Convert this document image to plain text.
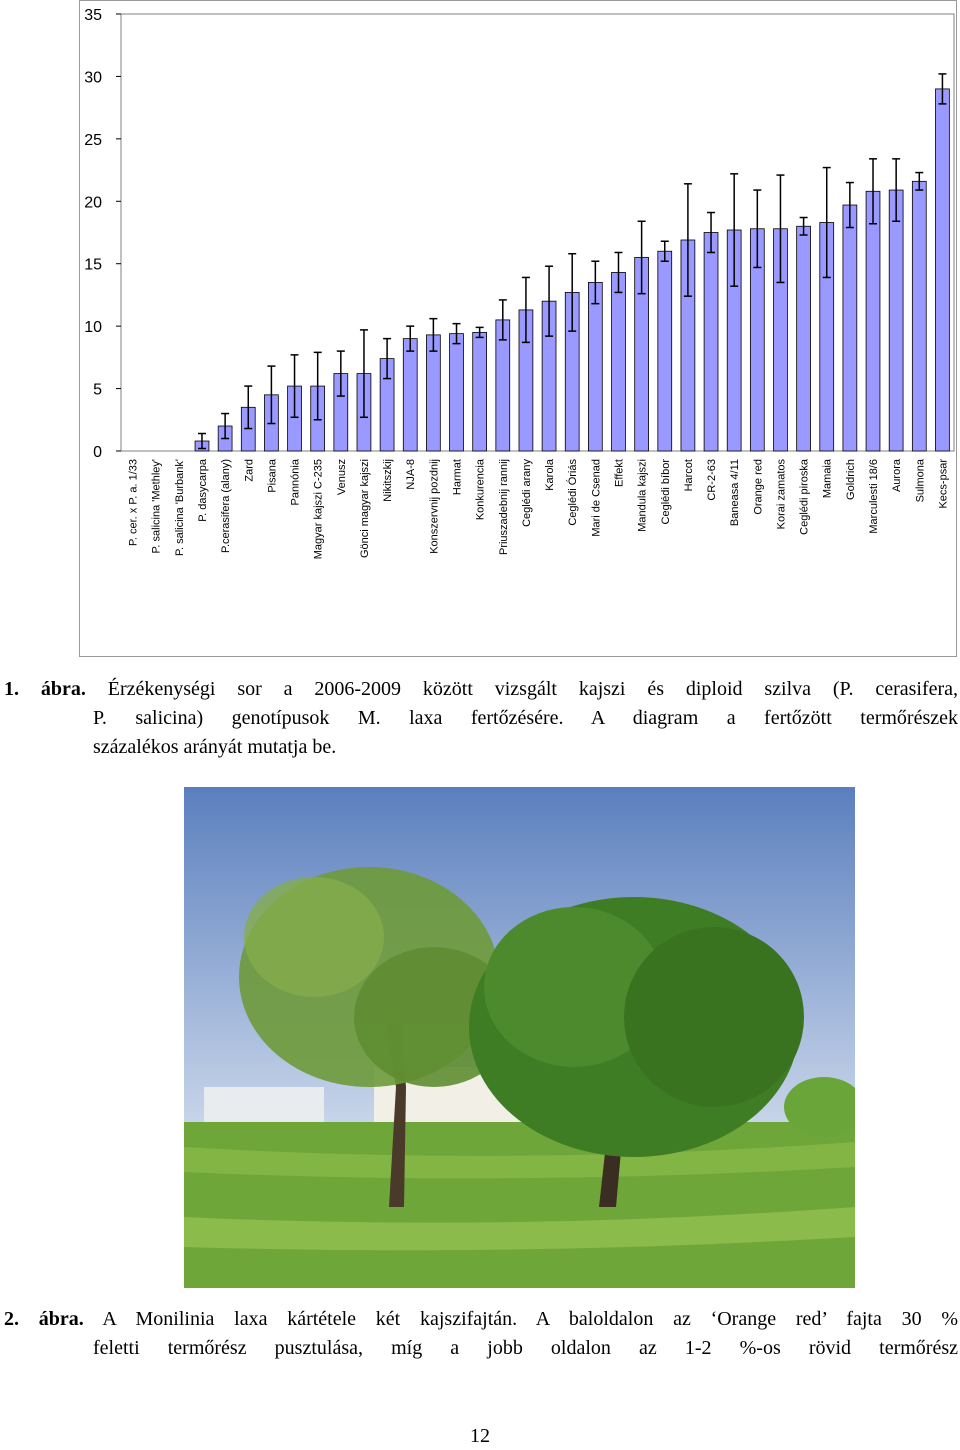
0
5
10
15
20
25
30
35
P. cer. x P. a. 1/33 P. salicina 'Methley' P. salicina 'Burbank' P. dasycarpa P.cerasifera (alany) Zard Pisana Pannónia Magyar kajszi C-235 Venusz Gönci magyar kajszi Nikitszkij NJA-8 Konszervnij pozdnij Harmat Konkurencia Priuszadebnij rannij Ceglédi arany Karola Ceglédi Óriás Mari de Csenad Effekt Mandula kajszi Ceglédi bíbor Harcot CR-2-63 Baneasa 4/11 Orange red Korai zamatos Ceglédi piroska Mamaia Goldrich Marculesti 18/6 Aurora Sulmona Kecs-psar
1. ábra. Érzékenységi sor a 2006-2009 között vizsgált kajszi és diploid szilva (P. cerasifera,
P. salicina) genotípusok M. laxa fertőzésére. A diagram a fertőzött termőrészek
százalékos arányát mutatja be.
2. ábra. A Monilinia laxa kártétele két kajszifajtán. A baloldalon az ‘Orange red’ fajta 30 %
feletti termőrész pusztulása, míg a jobb oldalon az 1-2 %-os rövid termőrész
12
